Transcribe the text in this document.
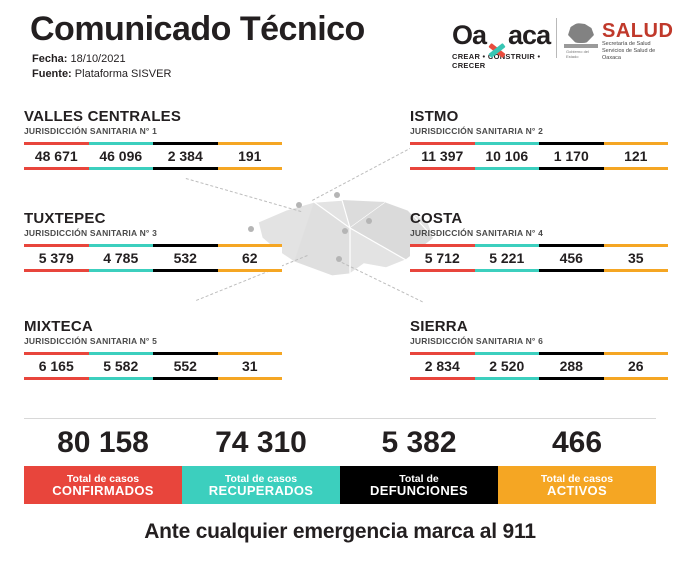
Comunicado Técnico
Fecha: 18/10/2021
Fuente: Plataforma SISVER
Oa aca
CREAR • CONSTRUIR • CRECER
Gobierno del Estado
SALUD
Secretaría de Salud Servicios de Salud de Oaxaca
VALLES CENTRALES
JURISDICCIÓN SANITARIA N° 1
48 671	46 096	2 384	191
TUXTEPEC
JURISDICCIÓN SANITARIA N° 3
5 379	4 785	532	62
MIXTECA
JURISDICCIÓN SANITARIA N° 5
6 165	5 582	552	31
ISTMO
JURISDICCIÓN SANITARIA N° 2
11 397	10 106	1 170	121
COSTA
JURISDICCIÓN SANITARIA N° 4
5 712	5 221	456	35
SIERRA
JURISDICCIÓN SANITARIA N° 6
2 834	2 520	288	26
80 158
Total de casos
CONFIRMADOS
74 310
Total de casos
RECUPERADOS
5 382
Total de
DEFUNCIONES
466
Total de casos
ACTIVOS
Ante cualquier emergencia marca al 911
